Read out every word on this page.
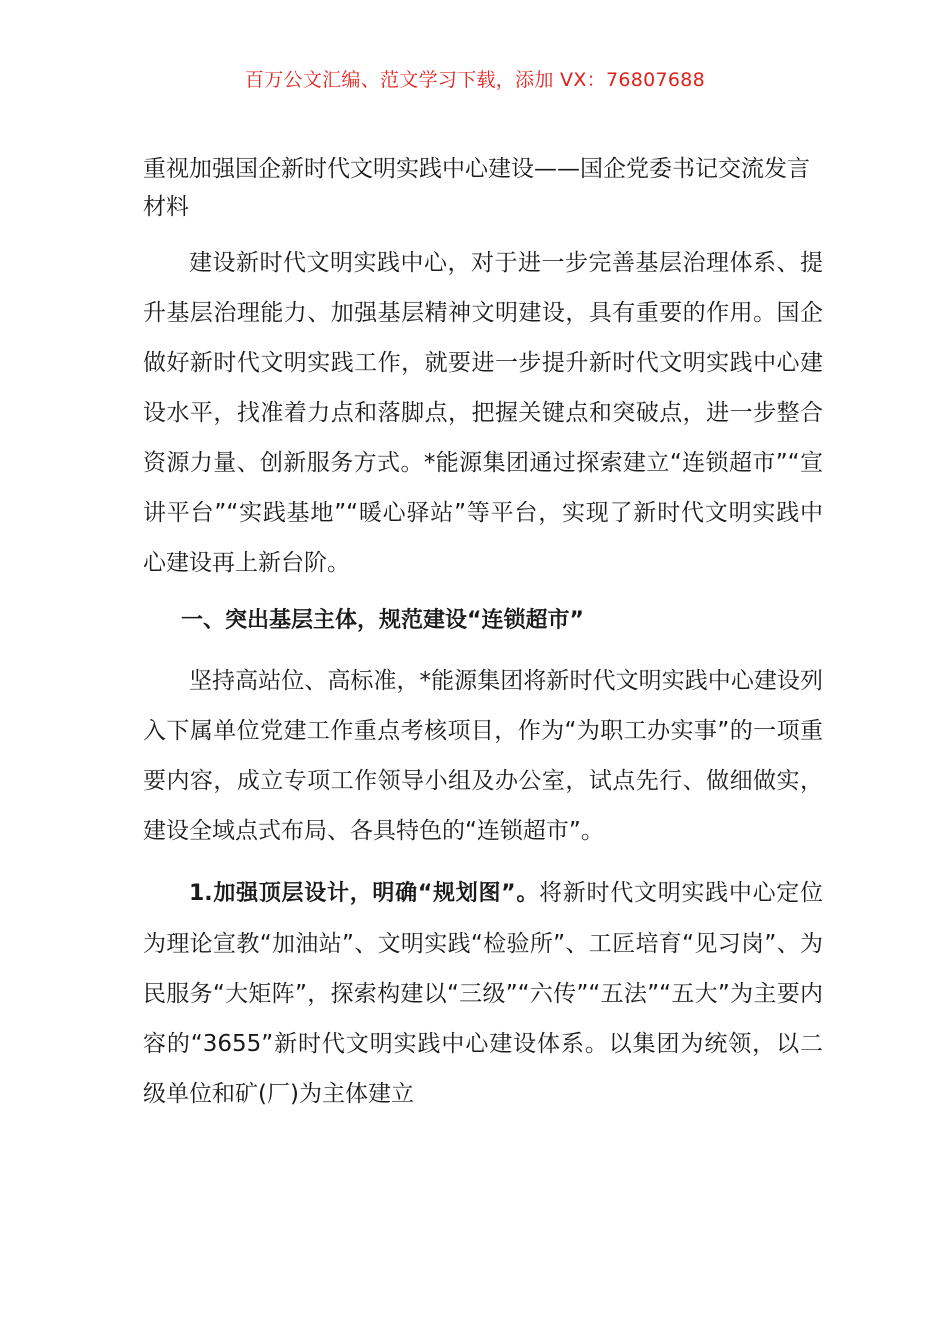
百万公文汇编、范文学习下载，添加 VX：76807688
重视加强国企新时代文明实践中心建设——国企党委书记交流发言材料

建设新时代文明实践中心，对于进一步完善基层治理体系、提升基层治理能力、加强基层精神文明建设，具有重要的作用。国企做好新时代文明实践工作，就要进一步提升新时代文明实践中心建设水平，找准着力点和落脚点，把握关键点和突破点，进一步整合资源力量、创新服务方式。*能源集团通过探索建立“连锁超市”“宣讲平台”“实践基地”“暖心驿站”等平台，实现了新时代文明实践中心建设再上新台阶。

一、突出基层主体，规范建设“连锁超市”

坚持高站位、高标准，*能源集团将新时代文明实践中心建设列入下属单位党建工作重点考核项目，作为“为职工办实事”的一项重要内容，成立专项工作领导小组及办公室，试点先行、做细做实，建设全域点式布局、各具特色的“连锁超市”。

1.加强顶层设计，明确“规划图”。将新时代文明实践中心定位为理论宣教“加油站”、文明实践“检验所”、工匠培育“见习岗”、为民服务“大矩阵”，探索构建以“三级”“六传”“五法”“五大”为主要内容的“3655”新时代文明实践中心建设体系。以集团为统领，以二级单位和矿(厂)为主体建立
